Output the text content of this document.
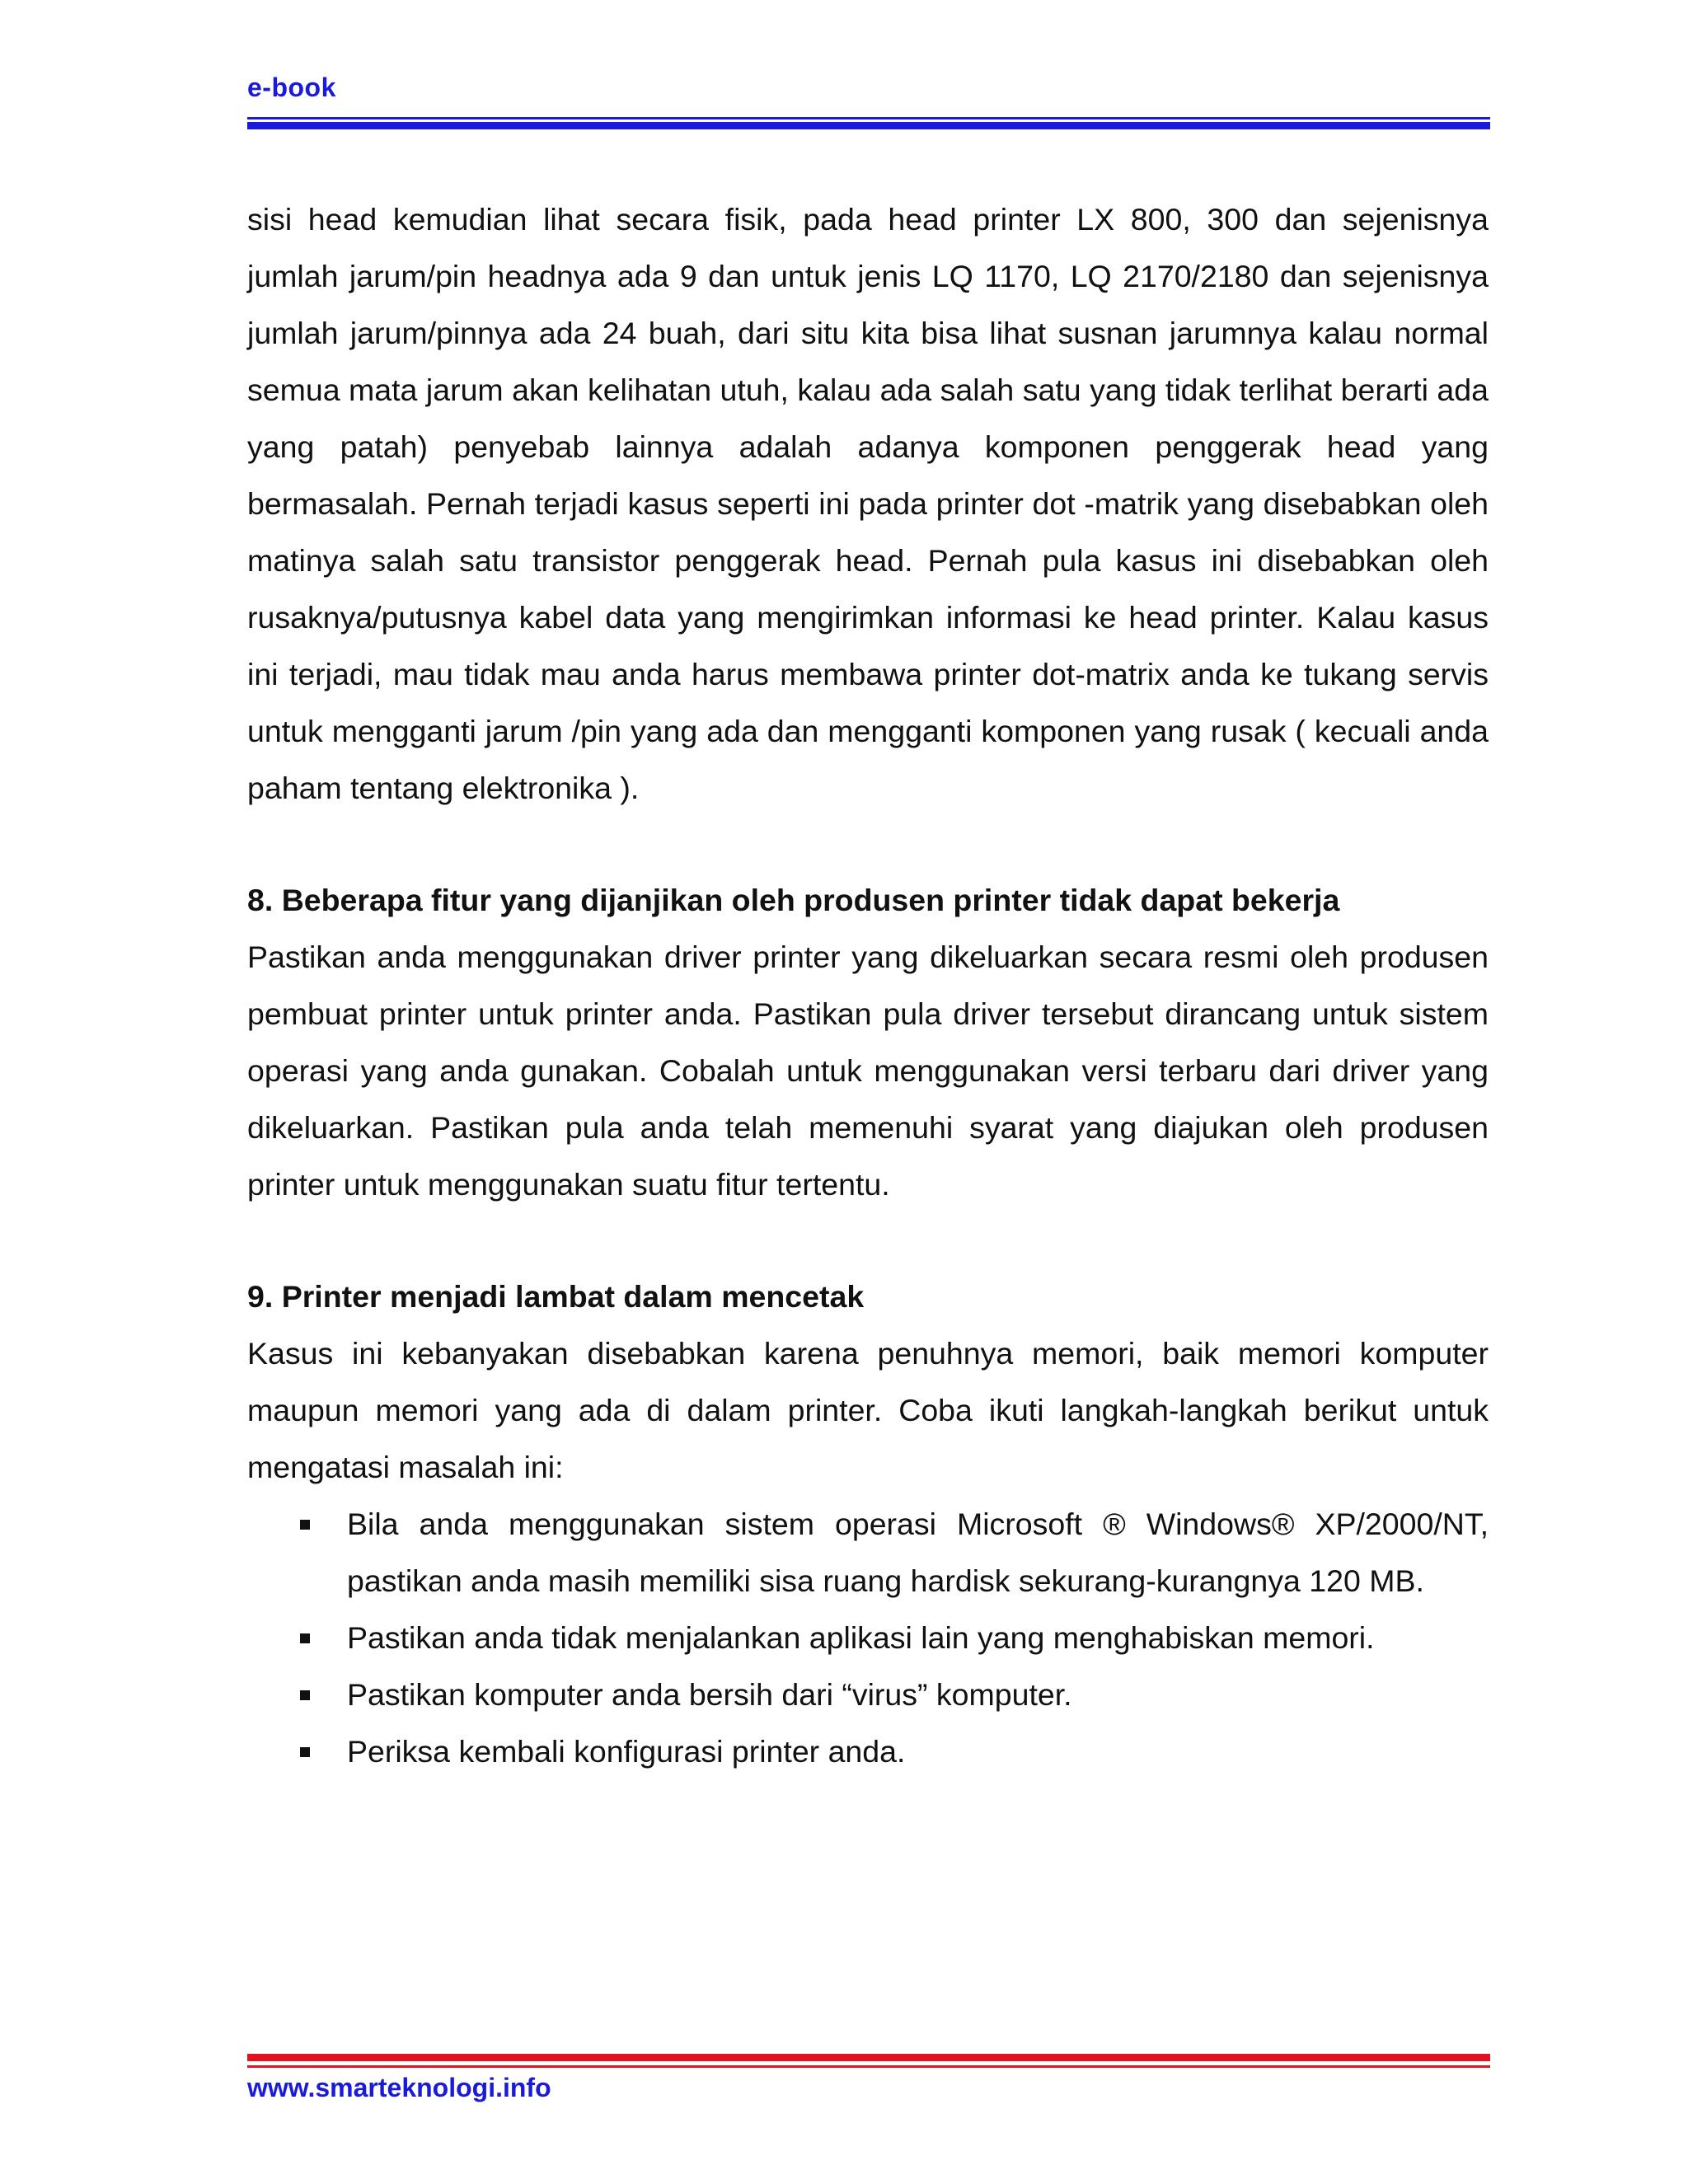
e-book

sisi head kemudian lihat secara fisik, pada head printer LX 800, 300 dan sejenisnya jumlah jarum/pin headnya ada 9 dan untuk jenis LQ 1170, LQ 2170/2180 dan sejenisnya jumlah jarum/pinnya ada 24 buah, dari situ kita bisa lihat susnan jarumnya kalau normal semua mata jarum akan kelihatan utuh, kalau ada salah satu yang tidak terlihat berarti ada yang patah) penyebab lainnya adalah adanya komponen penggerak head yang bermasalah. Pernah terjadi kasus seperti ini pada printer dot -matrik yang disebabkan oleh matinya salah satu transistor penggerak head. Pernah pula kasus ini disebabkan oleh rusaknya/putusnya kabel data yang mengirimkan informasi ke head printer. Kalau kasus ini terjadi, mau tidak mau anda harus membawa printer dot-matrix anda ke tukang servis untuk mengganti jarum /pin yang ada dan mengganti komponen yang rusak ( kecuali anda paham tentang elektronika ).

8. Beberapa fitur yang dijanjikan oleh produsen printer tidak dapat bekerja

Pastikan anda menggunakan driver printer yang dikeluarkan secara resmi oleh produsen pembuat printer untuk printer anda. Pastikan pula driver tersebut dirancang untuk sistem operasi yang anda gunakan. Cobalah untuk menggunakan versi terbaru dari driver yang dikeluarkan. Pastikan pula anda telah memenuhi syarat yang diajukan oleh produsen printer untuk menggunakan suatu fitur tertentu.

9. Printer menjadi lambat dalam mencetak

Kasus ini kebanyakan disebabkan karena penuhnya memori, baik memori komputer maupun memori yang ada di dalam printer. Coba ikuti langkah-langkah berikut untuk mengatasi masalah ini:

Bila anda menggunakan sistem operasi Microsoft ® Windows® XP/2000/NT, pastikan anda masih memiliki sisa ruang hardisk sekurang-kurangnya 120 MB.
Pastikan anda tidak menjalankan aplikasi lain yang menghabiskan memori.
Pastikan komputer anda bersih dari “virus” komputer.
Periksa kembali konfigurasi printer anda.
www.smarteknologi.info
